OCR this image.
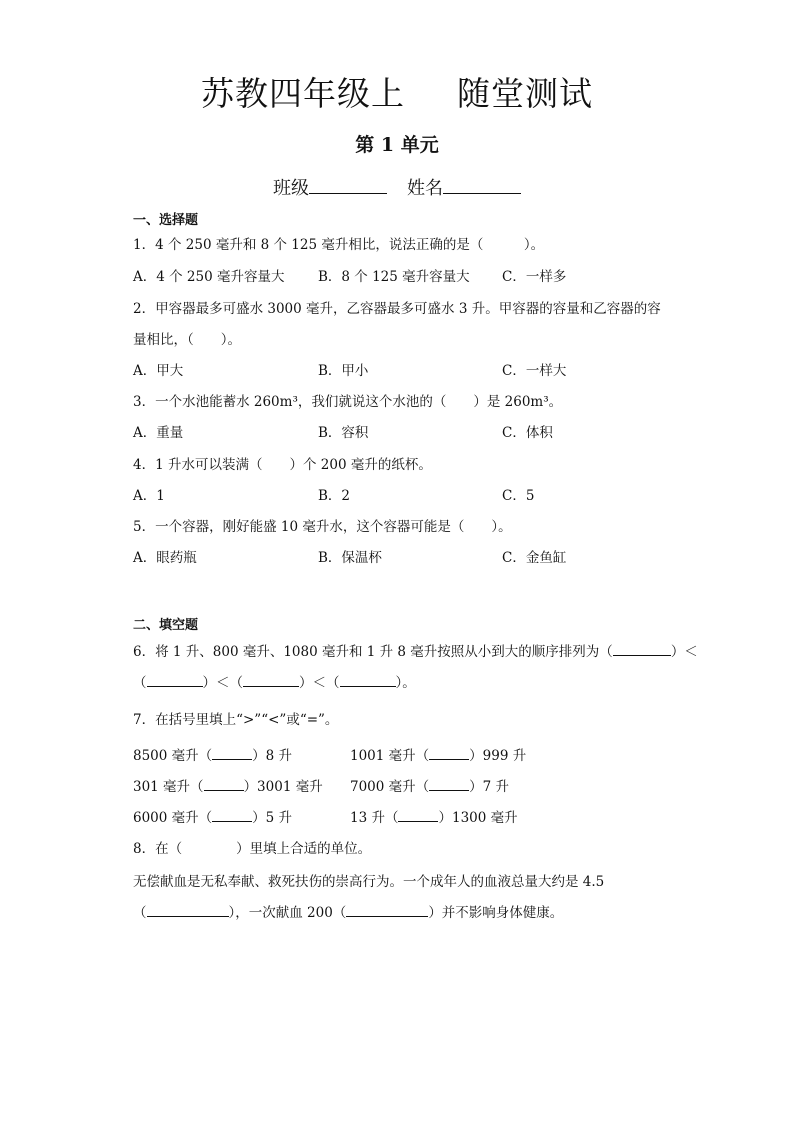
苏教四年级上 随堂测试
第 1 单元
班级	姓名
一、选择题
1．4 个 250 毫升和 8 个 125 毫升相比，说法正确的是（　　　）。
A．4 个 250 毫升容量大 B．8 个 125 毫升容量大 C．一样多
2．甲容器最多可盛水 3000 毫升，乙容器最多可盛水 3 升。甲容器的容量和乙容器的容
量相比，（　　）。
A．甲大	B．甲小	C．一样大
3．一个水池能蓄水 260m³，我们就说这个水池的（　　）是 260m³。
A．重量	B．容积	C．体积
4．1 升水可以装满（　　）个 200 毫升的纸杯。
A．1	B．2	C．5
5．一个容器，刚好能盛 10 毫升水，这个容器可能是（　　）。
A．眼药瓶	B．保温杯	C．金鱼缸
二、填空题
6．将 1 升、800 毫升、1080 毫升和 1 升 8 毫升按照从小到大的顺序排列为（	）＜
（	）＜（	）＜（	）。
7．在括号里填上“>”“<”或“=”。
8500 毫升（	）8 升	1001 毫升（	）999 升
301 毫升（	）3001 毫升 7000 毫升（	）7 升
6000 毫升（	）5 升	13 升（	）1300 毫升
8．在（　　　　）里填上合适的单位。
无偿献血是无私奉献、救死扶伤的崇高行为。一个成年人的血液总量大约是 4.5
（	），一次献血 200（	）并不影响身体健康。
